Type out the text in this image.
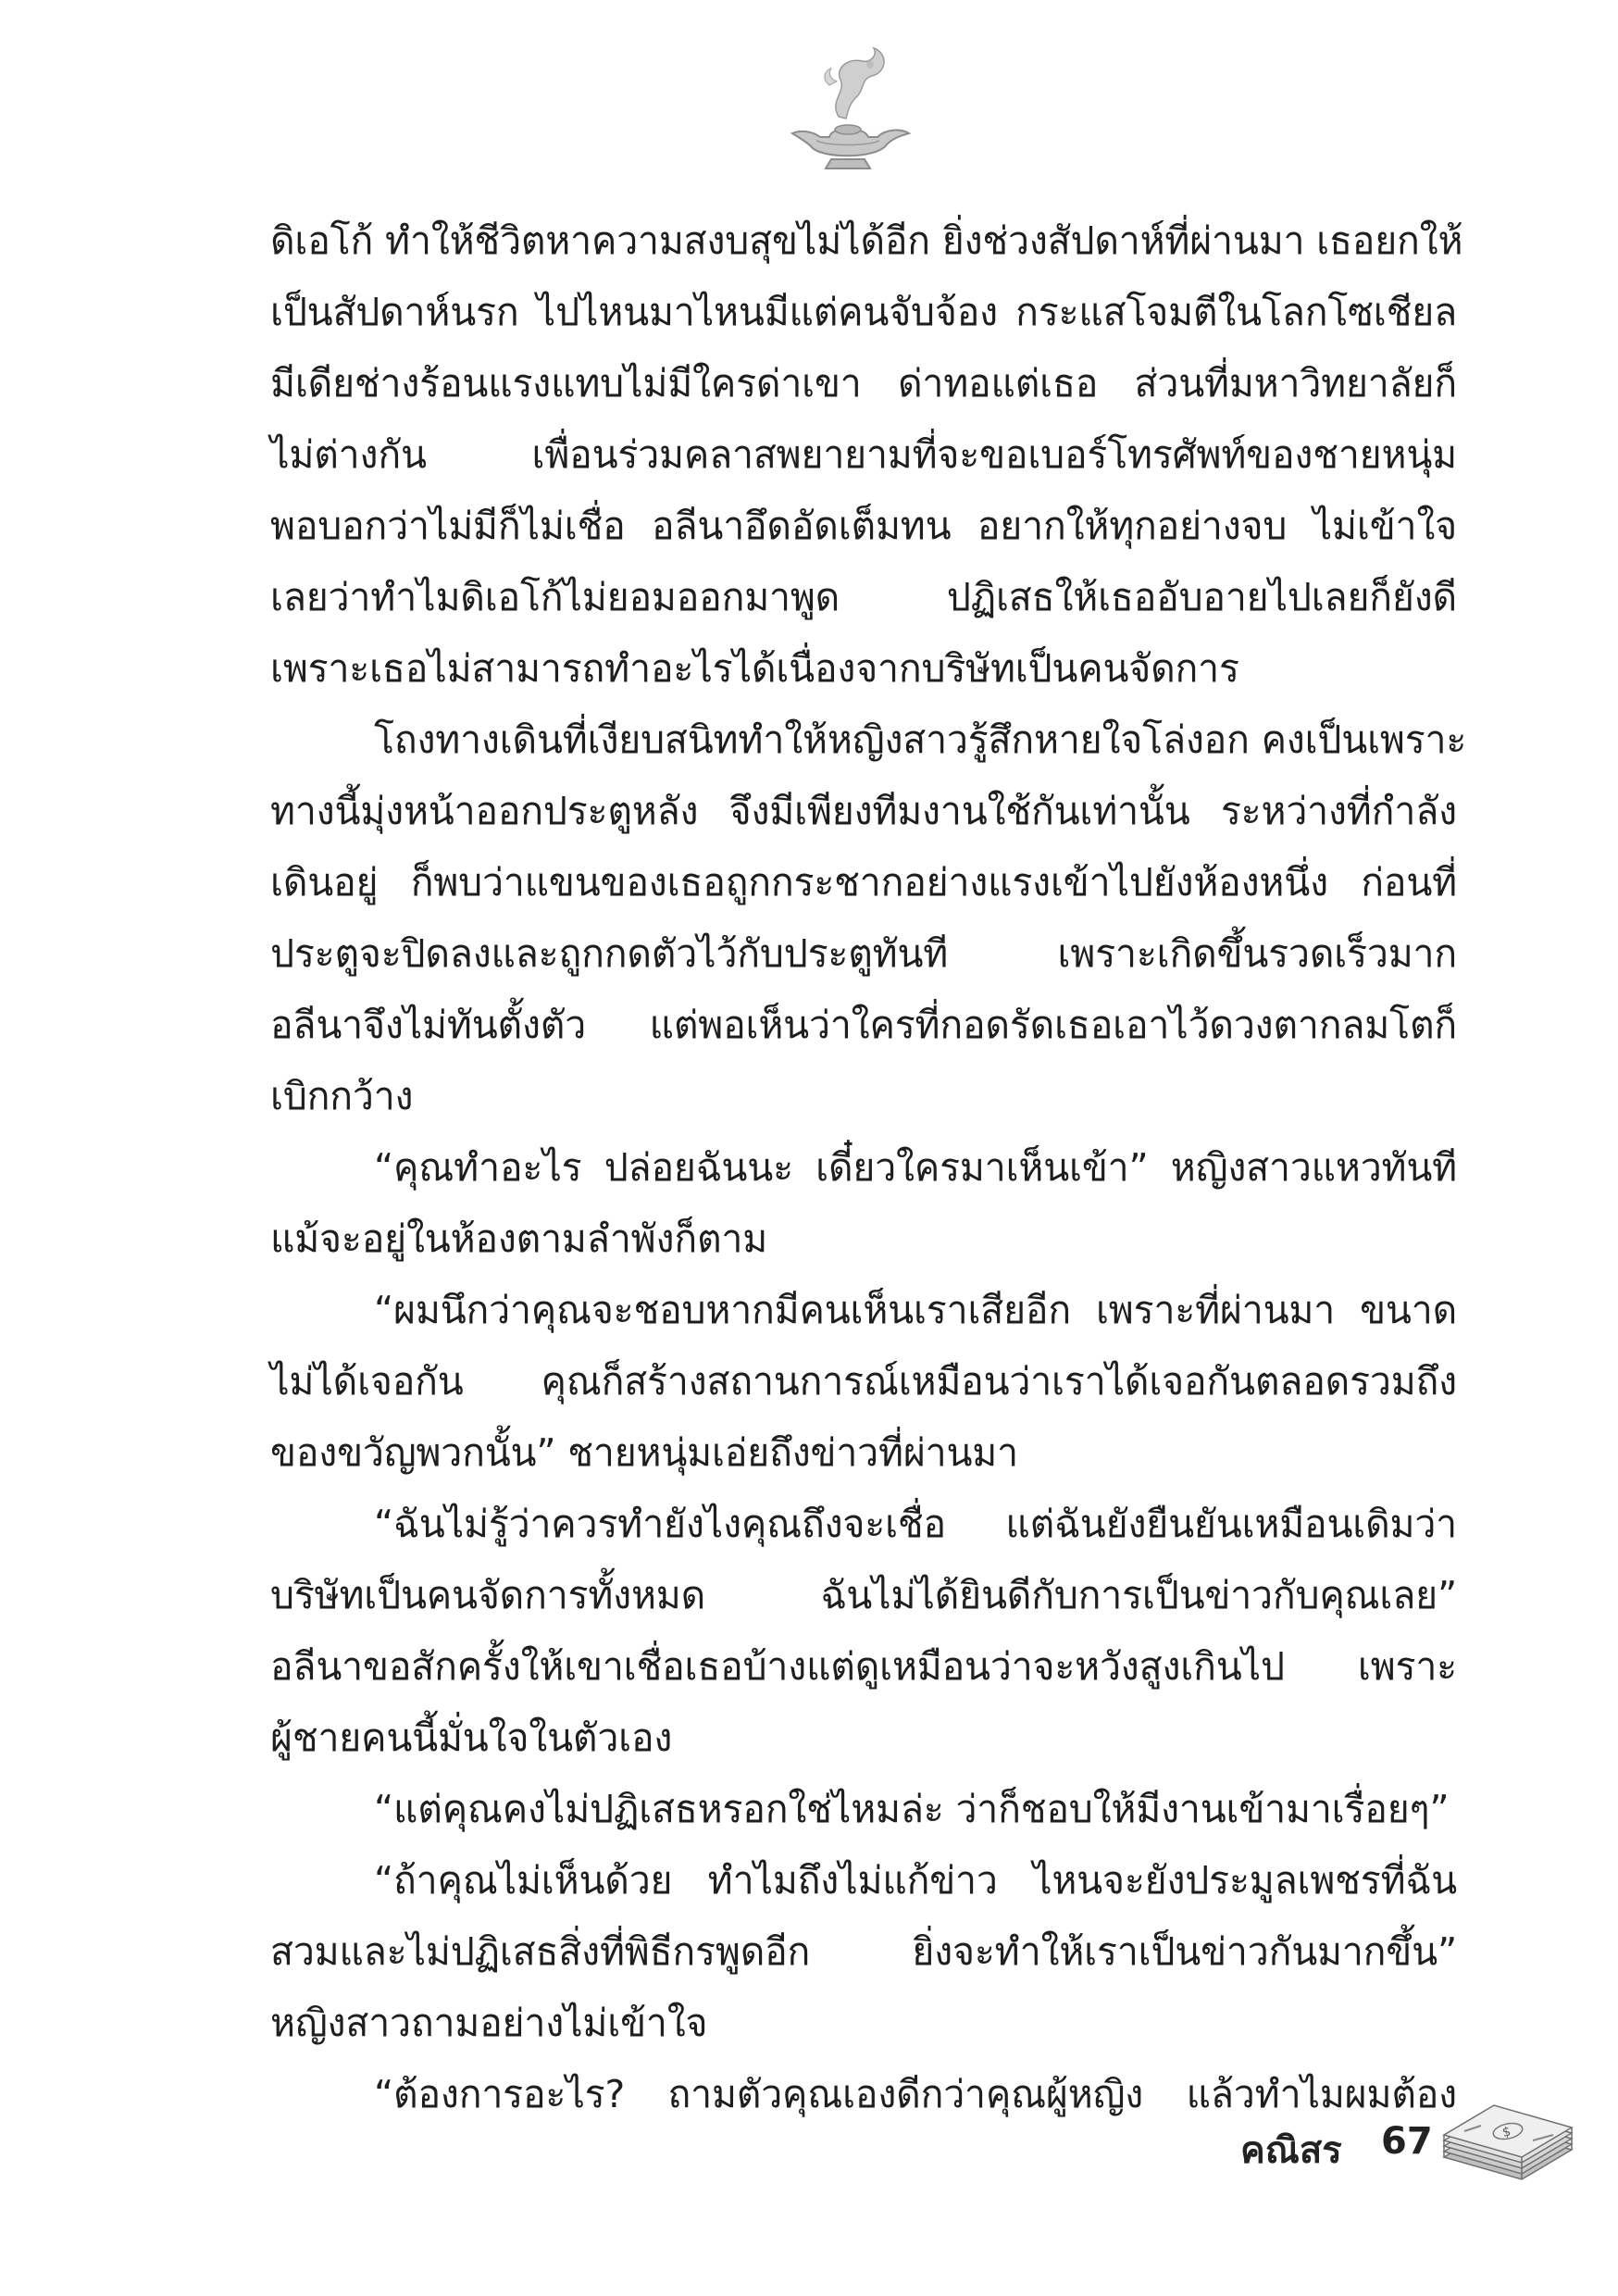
ดิเอโก้ ทำให้ชีวิตหาความสงบสุขไม่ได้อีก ยิ่งช่วงสัปดาห์ที่ผ่านมา เธอยกให้
เป็นสัปดาห์นรก ไปไหนมาไหนมีแต่คนจับจ้อง กระแสโจมตีในโลกโซเชียล
มีเดียช่างร้อนแรงแทบไม่มีใครด่าเขา ด่าทอแต่เธอ ส่วนที่มหาวิทยาลัยก็
ไม่ต่างกัน เพื่อนร่วมคลาสพยายามที่จะขอเบอร์โทรศัพท์ของชายหนุ่ม
พอบอกว่าไม่มีก็ไม่เชื่อ อลีนาอึดอัดเต็มทน อยากให้ทุกอย่างจบ ไม่เข้าใจ
เลยว่าทำไมดิเอโก้ไม่ยอมออกมาพูด ปฏิเสธให้เธออับอายไปเลยก็ยังดี
เพราะเธอไม่สามารถทำอะไรได้เนื่องจากบริษัทเป็นคนจัดการ
โถงทางเดินที่เงียบสนิททำให้หญิงสาวรู้สึกหายใจโล่งอก คงเป็นเพราะ
ทางนี้มุ่งหน้าออกประตูหลัง จึงมีเพียงทีมงานใช้กันเท่านั้น ระหว่างที่กำลัง
เดินอยู่ ก็พบว่าแขนของเธอถูกกระชากอย่างแรงเข้าไปยังห้องหนึ่ง ก่อนที่
ประตูจะปิดลงและถูกกดตัวไว้กับประตูทันที เพราะเกิดขึ้นรวดเร็วมาก
อลีนาจึงไม่ทันตั้งตัว แต่พอเห็นว่าใครที่กอดรัดเธอเอาไว้ดวงตากลมโตก็
เบิกกว้าง
“คุณทำอะไร ปล่อยฉันนะ เดี๋ยวใครมาเห็นเข้า” หญิงสาวแหวทันที
แม้จะอยู่ในห้องตามลำพังก็ตาม
“ผมนึกว่าคุณจะชอบหากมีคนเห็นเราเสียอีก เพราะที่ผ่านมา ขนาด
ไม่ได้เจอกัน คุณก็สร้างสถานการณ์เหมือนว่าเราได้เจอกันตลอดรวมถึง
ของขวัญพวกนั้น” ชายหนุ่มเอ่ยถึงข่าวที่ผ่านมา
“ฉันไม่รู้ว่าควรทำยังไงคุณถึงจะเชื่อ แต่ฉันยังยืนยันเหมือนเดิมว่า
บริษัทเป็นคนจัดการทั้งหมด ฉันไม่ได้ยินดีกับการเป็นข่าวกับคุณเลย”
อลีนาขอสักครั้งให้เขาเชื่อเธอบ้างแต่ดูเหมือนว่าจะหวังสูงเกินไป เพราะ
ผู้ชายคนนี้มั่นใจในตัวเอง
“แต่คุณคงไม่ปฏิเสธหรอกใช่ไหมล่ะ ว่าก็ชอบให้มีงานเข้ามาเรื่อยๆ”
“ถ้าคุณไม่เห็นด้วย ทำไมถึงไม่แก้ข่าว ไหนจะยังประมูลเพชรที่ฉัน
สวมและไม่ปฏิเสธสิ่งที่พิธีกรพูดอีก ยิ่งจะทำให้เราเป็นข่าวกันมากขึ้น”
หญิงสาวถามอย่างไม่เข้าใจ
“ต้องการอะไร? ถามตัวคุณเองดีกว่าคุณผู้หญิง แล้วทำไมผมต้อง
คณิสร 67	$
